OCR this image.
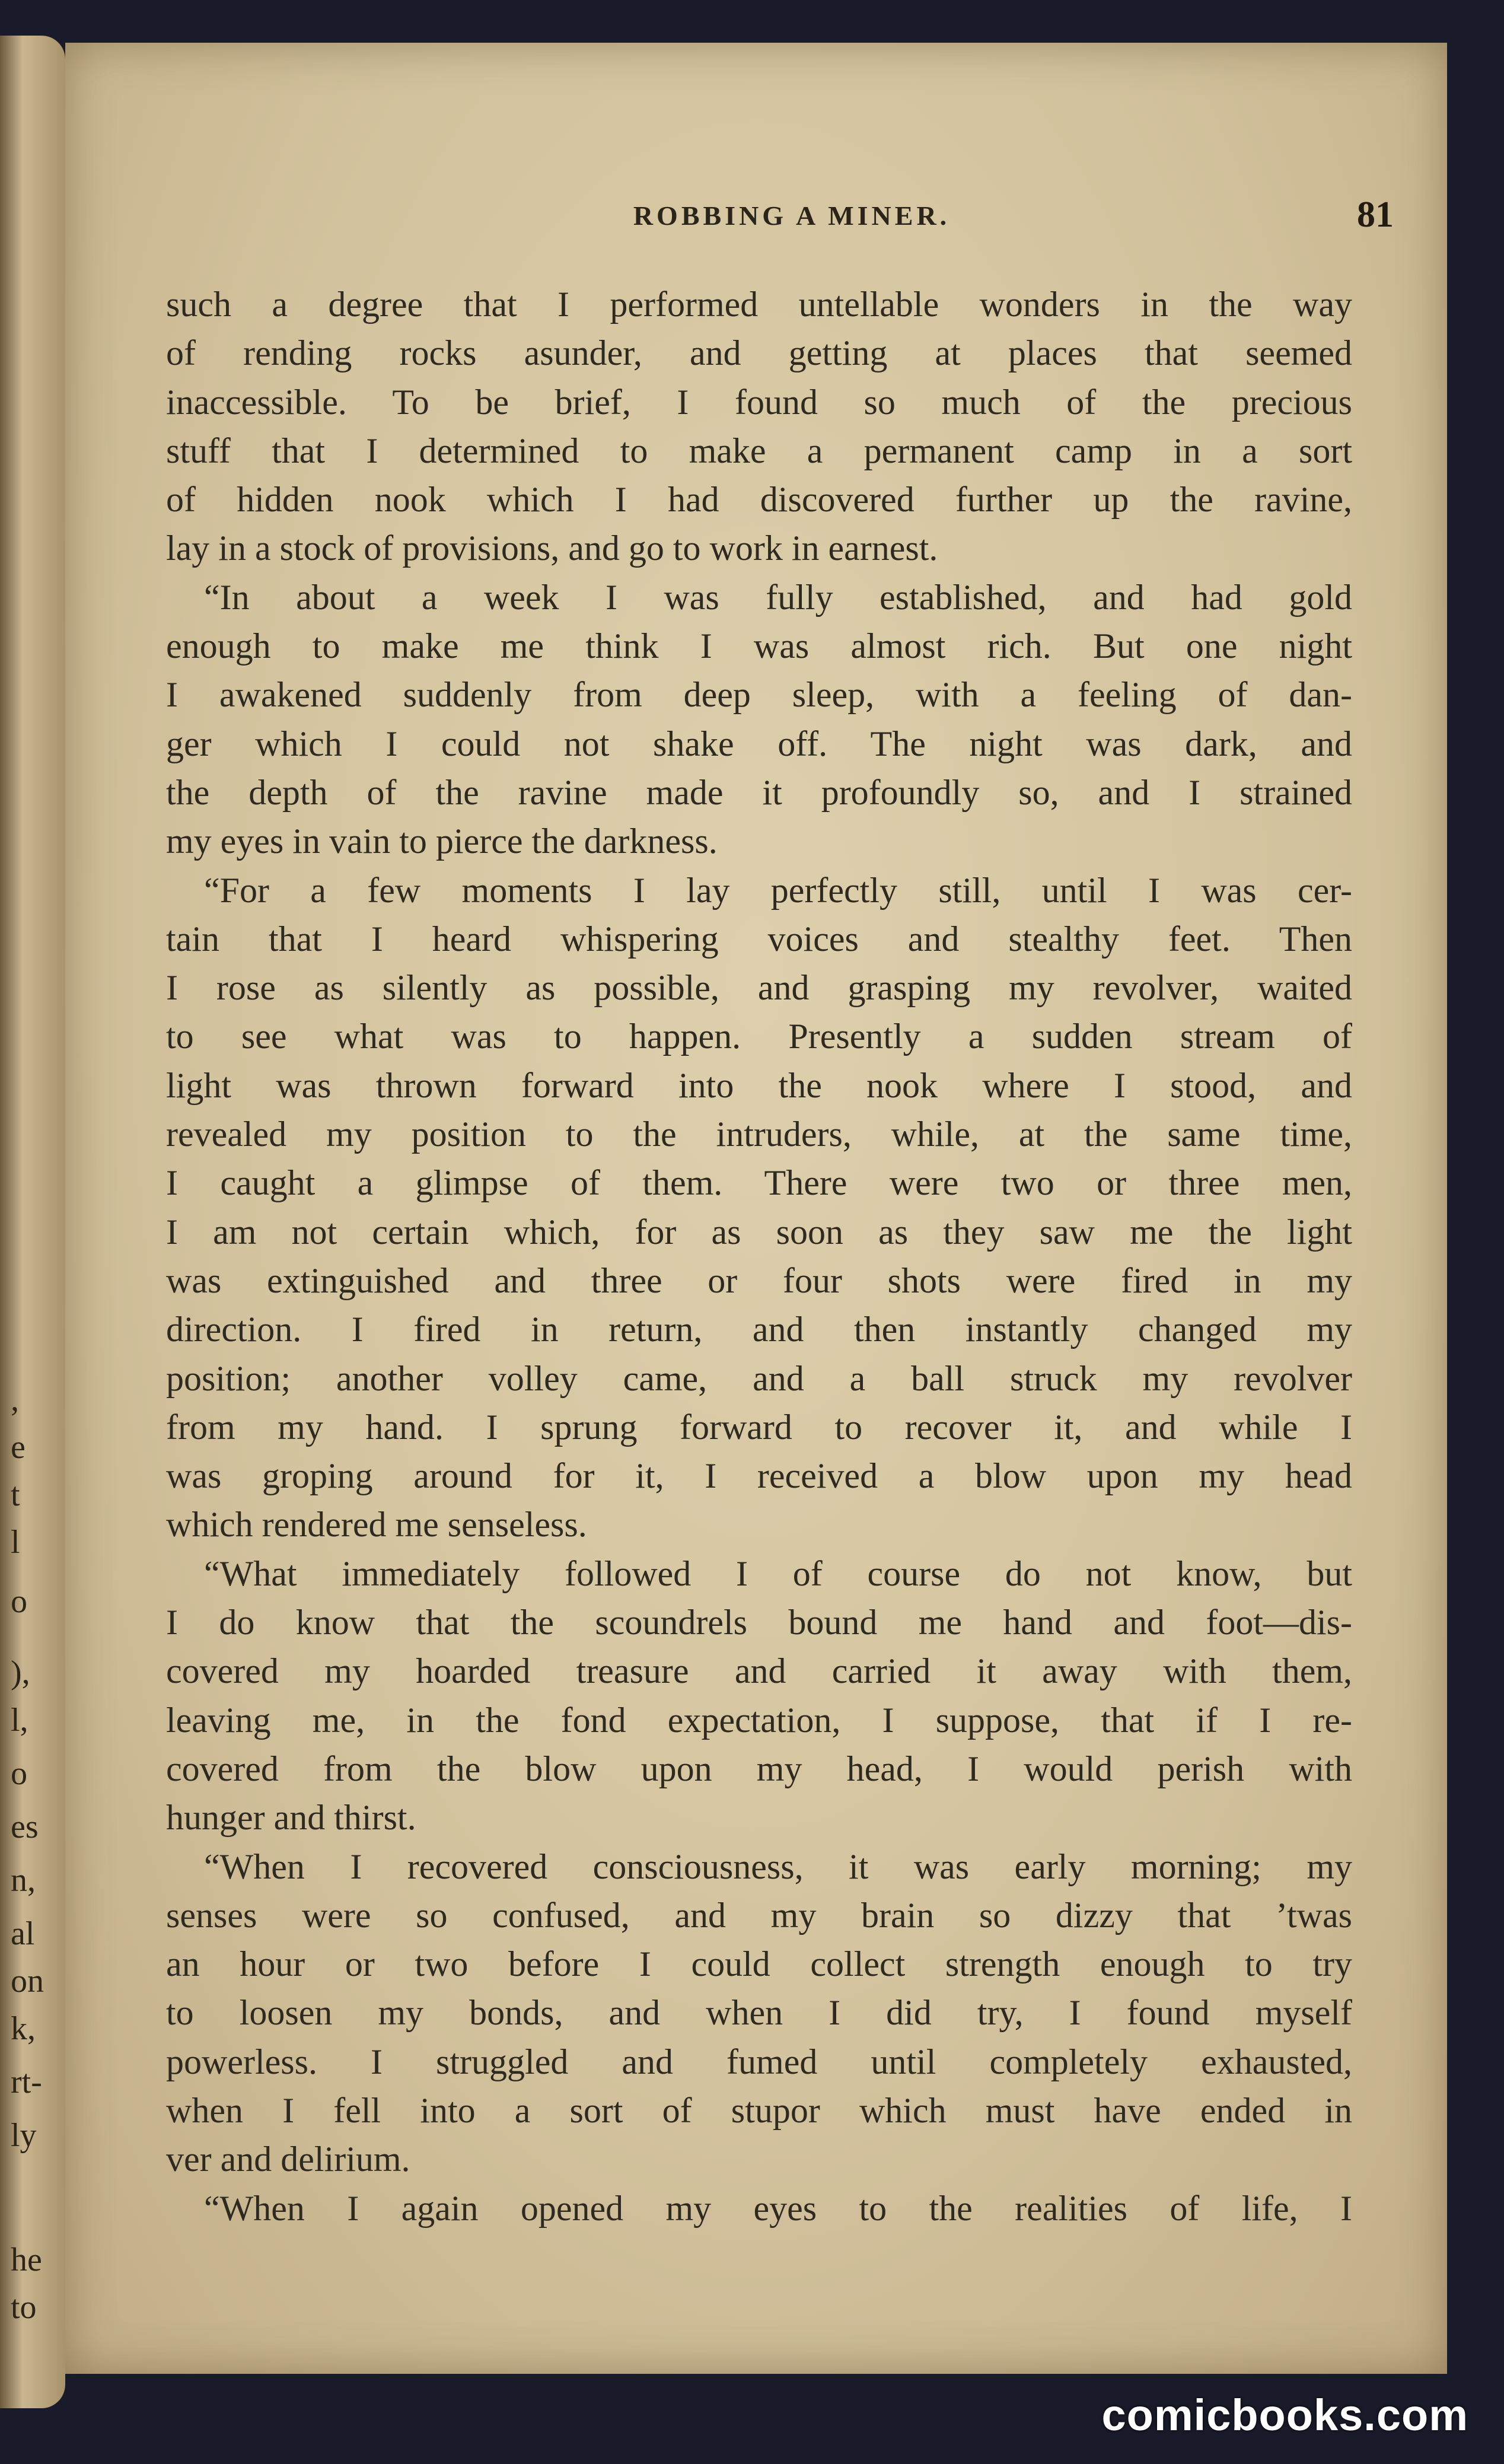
,
e
t
l
o
),
l,
o
es
n,
al
on
k,
rt-
ly
he
to
ROBBING A MINER.	81
such a degree that I performed untellable wonders in the way
of rending rocks asunder, and getting at places that seemed
inaccessible. To be brief, I found so much of the precious
stuff that I determined to make a permanent camp in a sort
of hidden nook which I had discovered further up the ravine,
lay in a stock of provisions, and go to work in earnest.
“In about a week I was fully established, and had gold
enough to make me think I was almost rich. But one night
I awakened suddenly from deep sleep, with a feeling of dan-
ger which I could not shake off. The night was dark, and
the depth of the ravine made it profoundly so, and I strained
my eyes in vain to pierce the darkness.
“For a few moments I lay perfectly still, until I was cer-
tain that I heard whispering voices and stealthy feet. Then
I rose as silently as possible, and grasping my revolver, waited
to see what was to happen. Presently a sudden stream of
light was thrown forward into the nook where I stood, and
revealed my position to the intruders, while, at the same time,
I caught a glimpse of them. There were two or three men,
I am not certain which, for as soon as they saw me the light
was extinguished and three or four shots were fired in my
direction. I fired in return, and then instantly changed my
position; another volley came, and a ball struck my revolver
from my hand. I sprung forward to recover it, and while I
was groping around for it, I received a blow upon my head
which rendered me senseless.
“What immediately followed I of course do not know, but
I do know that the scoundrels bound me hand and foot—dis-
covered my hoarded treasure and carried it away with them,
leaving me, in the fond expectation, I suppose, that if I re-
covered from the blow upon my head, I would perish with
hunger and thirst.
“When I recovered consciousness, it was early morning; my
senses were so confused, and my brain so dizzy that ’twas
an hour or two before I could collect strength enough to try
to loosen my bonds, and when I did try, I found myself
powerless. I struggled and fumed until completely exhausted,
when I fell into a sort of stupor which must have ended in
ver and delirium.
“When I again opened my eyes to the realities of life, I
comicbooks.com
